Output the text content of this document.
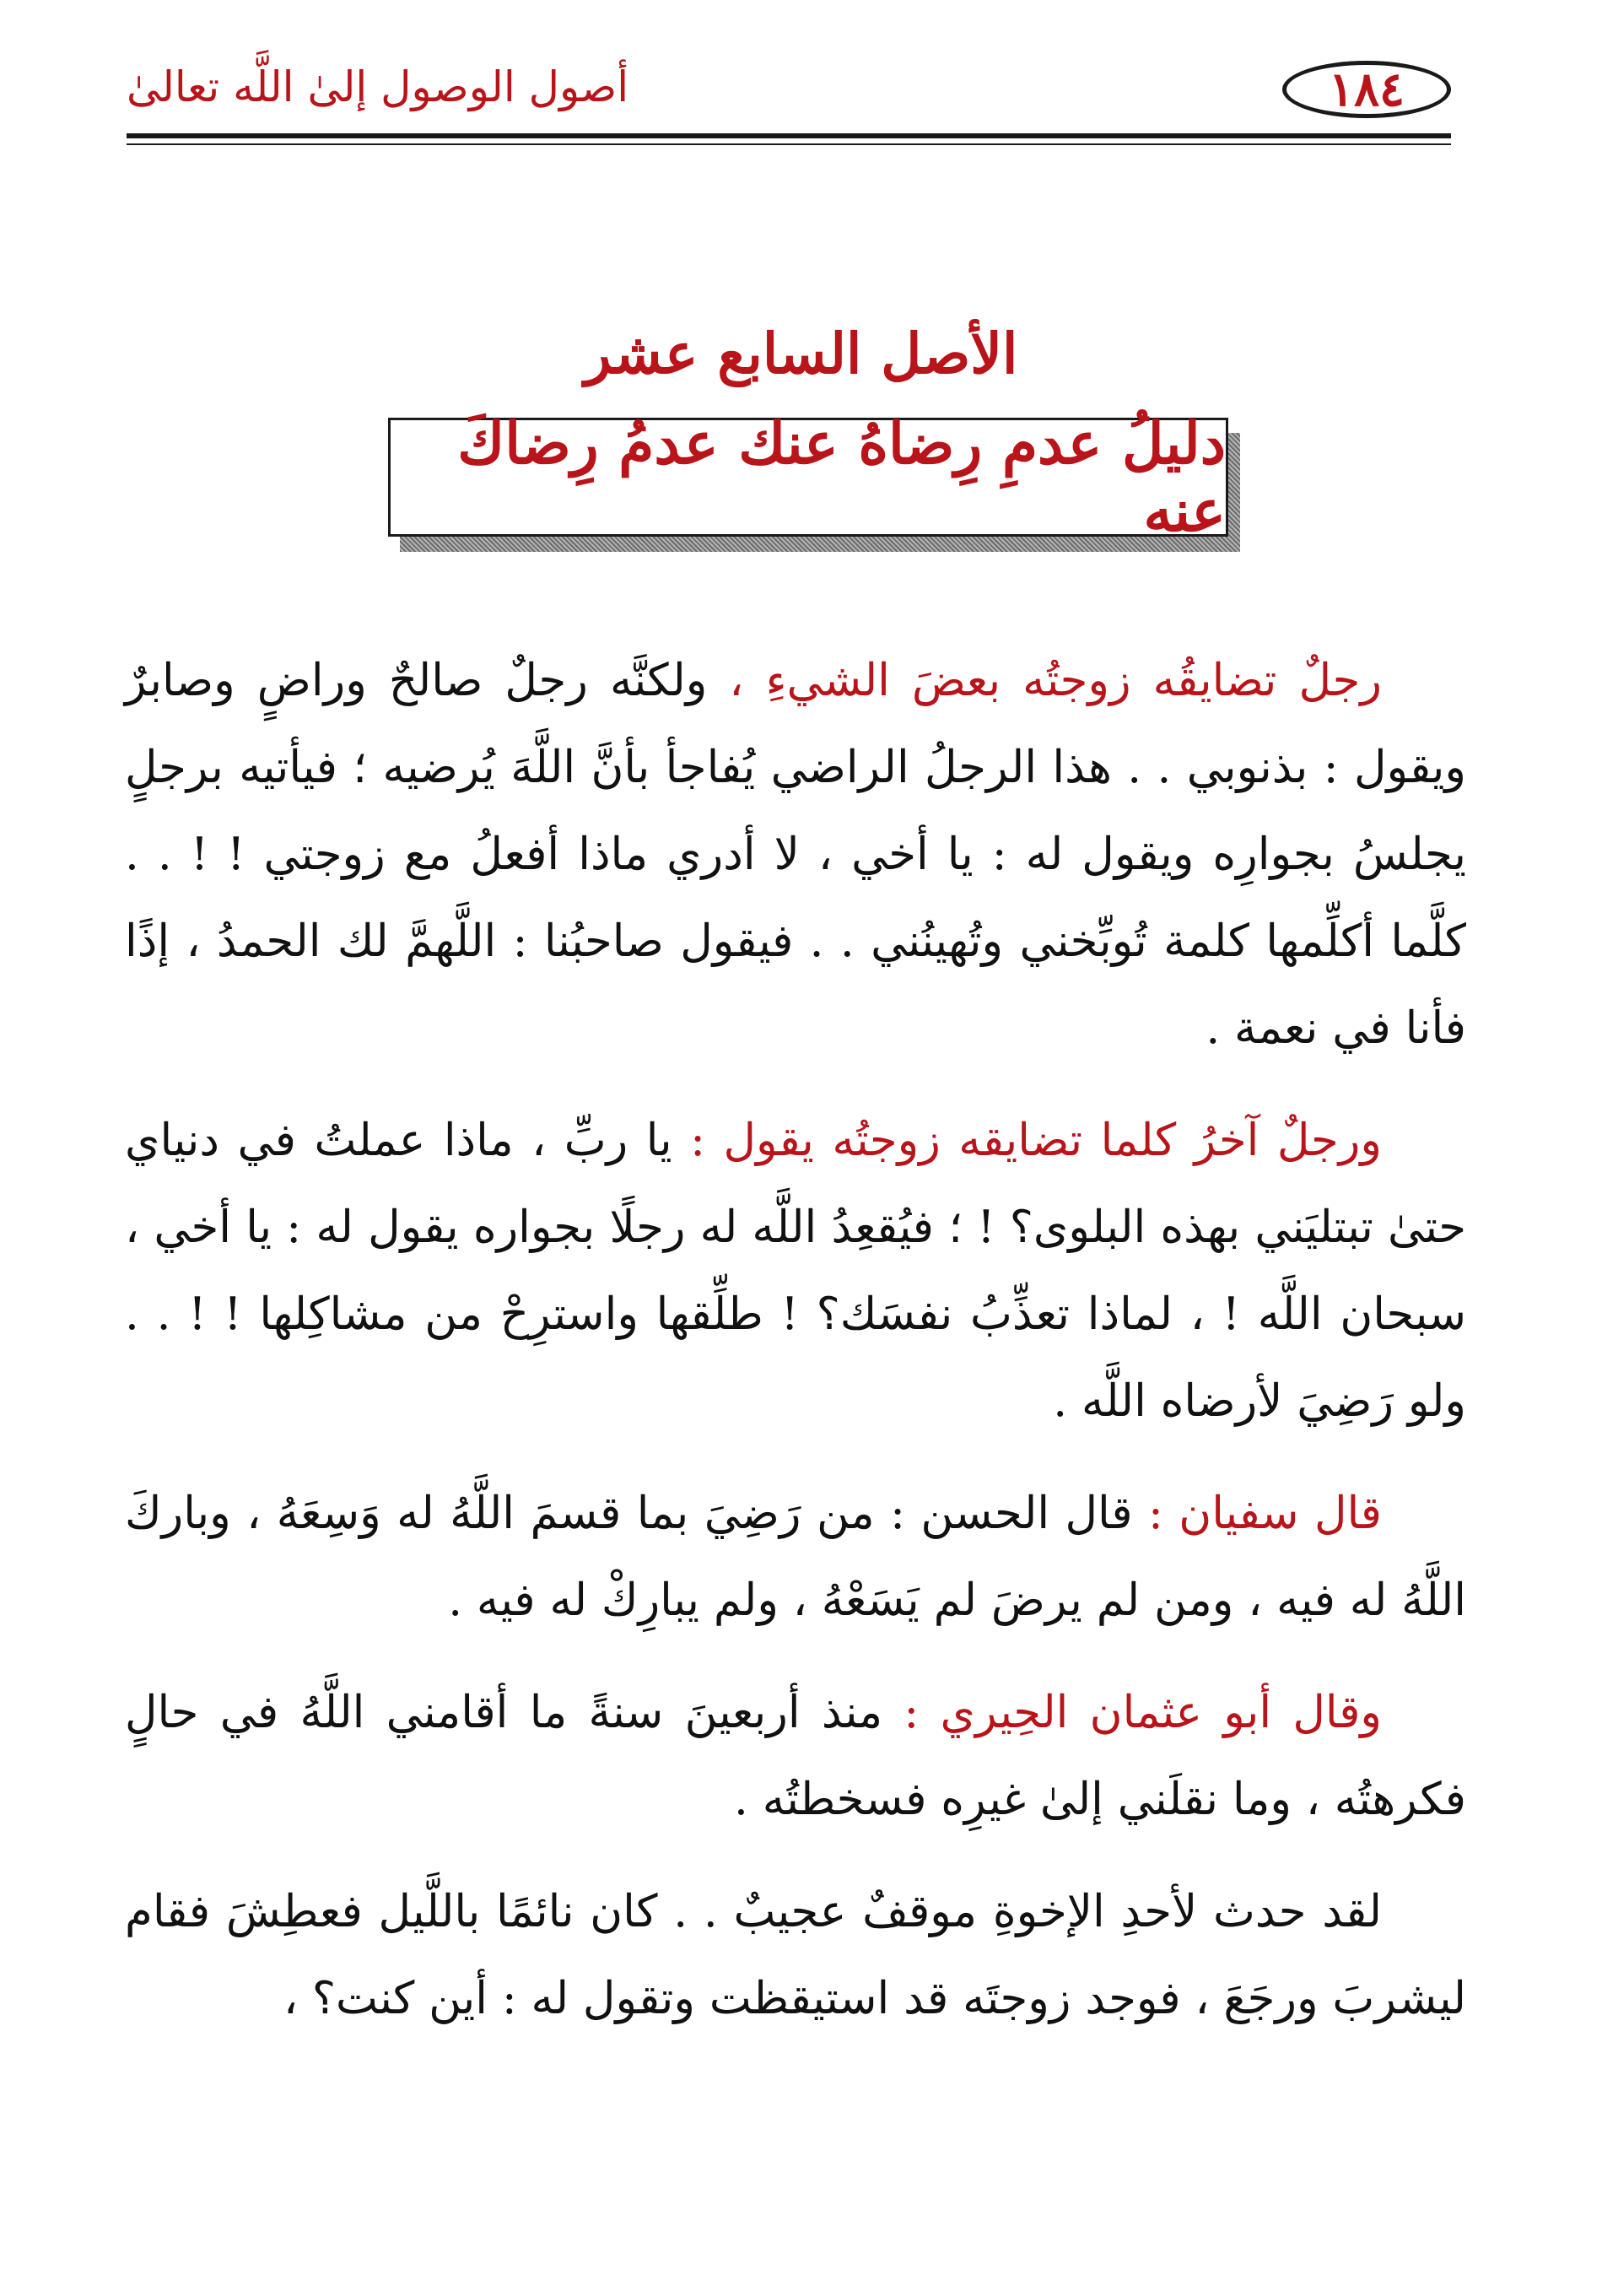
١٨٤
أصول الوصول إلىٰ اللَّه تعالىٰ
الأصل السابع عشر
دليلُ عدمِ رِضاهُ عنك عدمُ رِضاكَ عنه

رجلٌ تضايقُه زوجتُه بعضَ الشيءِ ، ولكنَّه رجلٌ صالحٌ وراضٍ وصابرٌ ويقول : بذنوبي . . هذا الرجلُ الراضي يُفاجأ بأنَّ اللَّهَ يُرضيه ؛ فيأتيه برجلٍ يجلسُ بجوارِه ويقول له : يا أخي ، لا أدري ماذا أفعلُ مع زوجتي ! ! . . كلَّما أكلِّمها كلمة تُوبِّخني وتُهينُني . . فيقول صاحبُنا : اللَّهمَّ لك الحمدُ ، إذًا فأنا في نعمة .

ورجلٌ آخرُ كلما تضايقه زوجتُه يقول : يا ربِّ ، ماذا عملتُ في دنياي حتىٰ تبتليَني بهذه البلوى؟ ! ؛ فيُقعِدُ اللَّه له رجلًا بجواره يقول له : يا أخي ، سبحان اللَّه ! ، لماذا تعذِّبُ نفسَك؟ ! طلِّقها واسترِحْ من مشاكِلها ! ! . . ولو رَضِيَ لأرضاه اللَّه .

قال سفيان : قال الحسن : من رَضِيَ بما قسمَ اللَّهُ له وَسِعَهُ ، وباركَ اللَّهُ له فيه ، ومن لم يرضَ لم يَسَعْهُ ، ولم يبارِكْ له فيه .

وقال أبو عثمان الحِيري : منذ أربعينَ سنةً ما أقامني اللَّهُ في حالٍ فكرهتُه ، وما نقلَني إلىٰ غيرِه فسخطتُه .

لقد حدث لأحدِ الإخوةِ موقفٌ عجيبٌ . . كان نائمًا باللَّيل فعطِشَ فقام ليشربَ ورجَعَ ، فوجد زوجتَه قد استيقظت وتقول له : أين كنت؟ ،
